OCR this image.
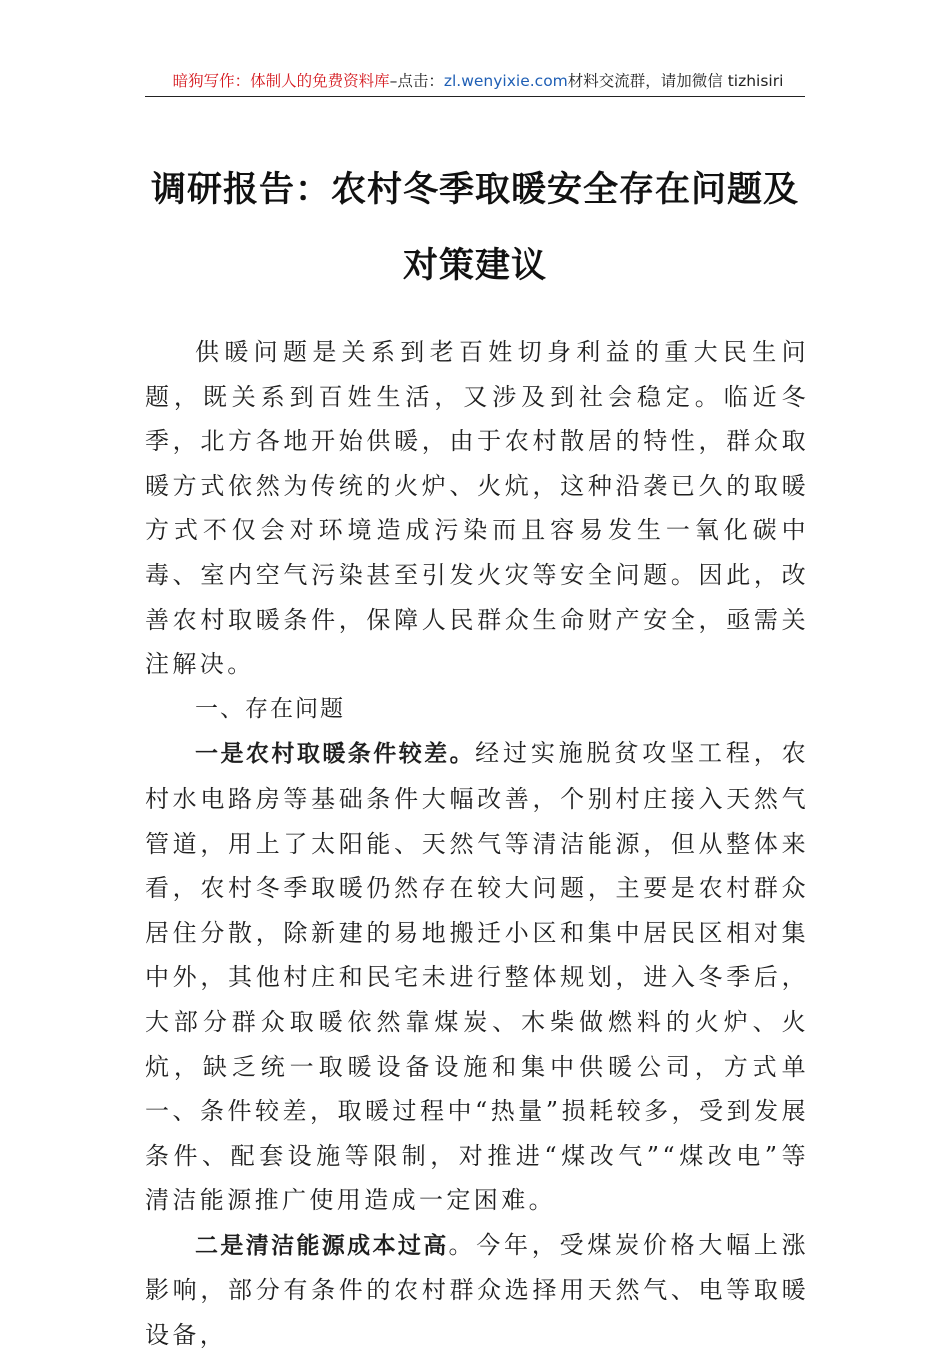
暗狗写作：体制人的免费资料库–点击：zl.wenyixie.com材料交流群，请加微信 tizhisiri
调研报告：农村冬季取暖安全存在问题及
对策建议

供暖问题是关系到老百姓切身利益的重大民生问题，既关系到百姓生活，又涉及到社会稳定。临近冬季，北方各地开始供暖，由于农村散居的特性，群众取暖方式依然为传统的火炉、火炕，这种沿袭已久的取暖方式不仅会对环境造成污染而且容易发生一氧化碳中毒、室内空气污染甚至引发火灾等安全问题。因此，改善农村取暖条件，保障人民群众生命财产安全，亟需关注解决。

一、存在问题

一是农村取暖条件较差。经过实施脱贫攻坚工程，农村水电路房等基础条件大幅改善，个别村庄接入天然气管道，用上了太阳能、天然气等清洁能源，但从整体来看，农村冬季取暖仍然存在较大问题，主要是农村群众居住分散，除新建的易地搬迁小区和集中居民区相对集中外，其他村庄和民宅未进行整体规划，进入冬季后，大部分群众取暖依然靠煤炭、木柴做燃料的火炉、火炕，缺乏统一取暖设备设施和集中供暖公司，方式单一、条件较差，取暖过程中“热量”损耗较多，受到发展条件、配套设施等限制，对推进“煤改气”“煤改电”等清洁能源推广使用造成一定困难。

二是清洁能源成本过高。今年，受煤炭价格大幅上涨影响，部分有条件的农村群众选择用天然气、电等取暖设备，
